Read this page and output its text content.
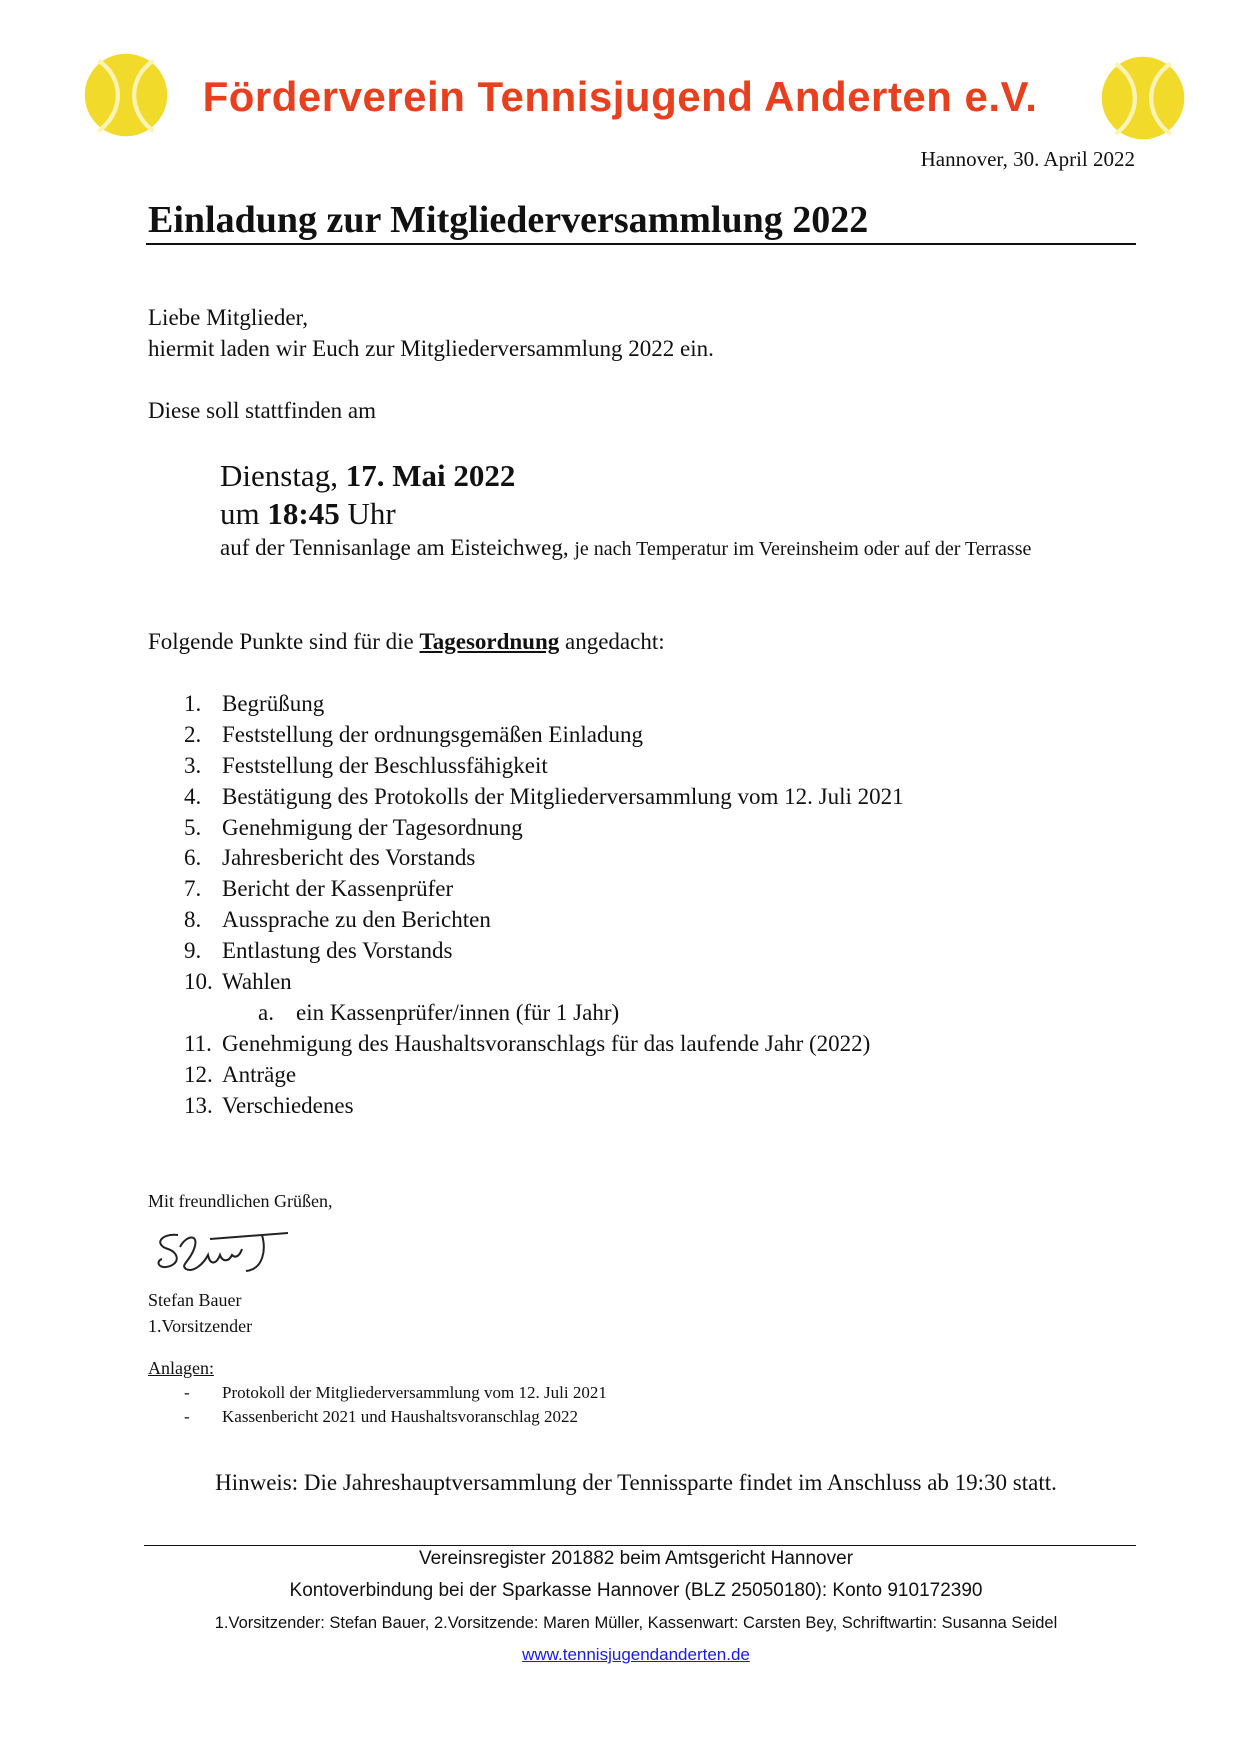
Förderverein Tennisjugend Anderten e.V.
Hannover, 30. April 2022
Einladung zur Mitgliederversammlung 2022
Liebe Mitglieder,
hiermit laden wir Euch zur Mitgliederversammlung 2022 ein.
Diese soll stattfinden am
Dienstag, 17. Mai 2022
um 18:45 Uhr
auf der Tennisanlage am Eisteichweg, je nach Temperatur im Vereinsheim oder auf der Terrasse
Folgende Punkte sind für die Tagesordnung angedacht:
1. Begrüßung
2. Feststellung der ordnungsgemäßen Einladung
3. Feststellung der Beschlussfähigkeit
4. Bestätigung des Protokolls der Mitgliederversammlung vom 12. Juli 2021
5. Genehmigung der Tagesordnung
6. Jahresbericht des Vorstands
7. Bericht der Kassenprüfer
8. Aussprache zu den Berichten
9. Entlastung des Vorstands
10. Wahlen
a. ein Kassenprüfer/innen (für 1 Jahr)
11. Genehmigung des Haushaltsvoranschlags für das laufende Jahr (2022)
12. Anträge
13. Verschiedenes
Mit freundlichen Grüßen,
Stefan Bauer
1.Vorsitzender
Anlagen:
- Protokoll der Mitgliederversammlung vom 12. Juli 2021
- Kassenbericht 2021 und Haushaltsvoranschlag 2022
Hinweis: Die Jahreshauptversammlung der Tennissparte findet im Anschluss ab 19:30 statt.
Vereinsregister 201882 beim Amtsgericht Hannover
Kontoverbindung bei der Sparkasse Hannover (BLZ 25050180): Konto 910172390
1.Vorsitzender: Stefan Bauer, 2.Vorsitzende: Maren Müller, Kassenwart: Carsten Bey, Schriftwartin: Susanna Seidel
www.tennisjugendanderten.de
